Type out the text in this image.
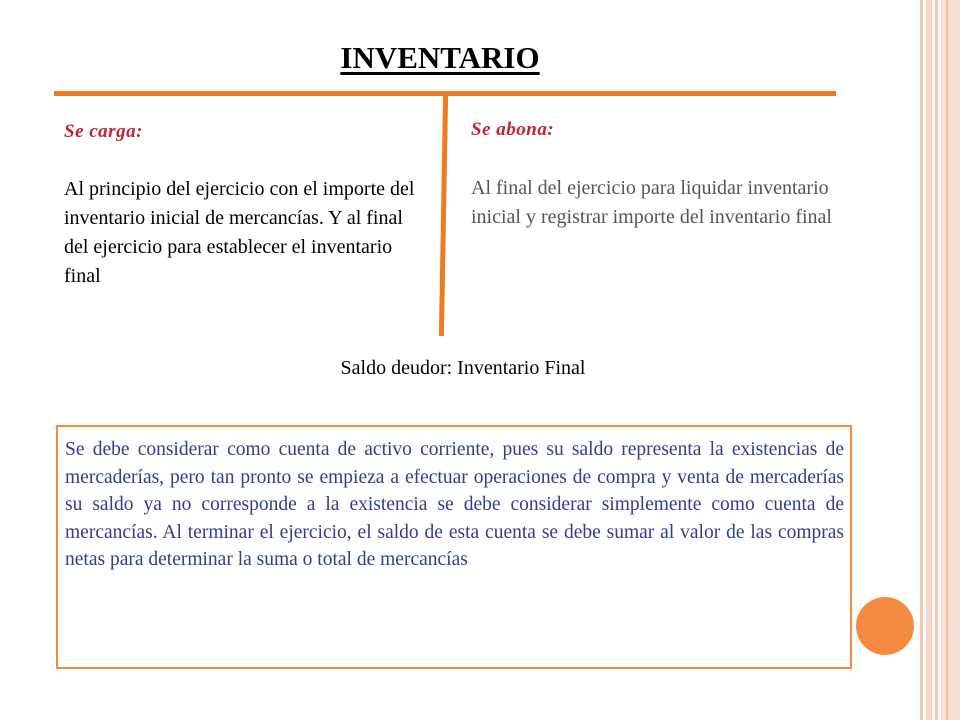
INVENTARIO
Se carga:
Al principio del ejercicio con el importe del inventario inicial de mercancías. Y al final del ejercicio para establecer el inventario final
Se abona:
Al final del ejercicio para liquidar inventario inicial y registrar importe del inventario final
Saldo deudor: Inventario Final

Se debe considerar como cuenta de activo corriente, pues su saldo representa la existencias de mercaderías, pero tan pronto se empieza a efectuar operaciones de compra y venta de mercaderías su saldo ya no corresponde a la existencia se debe considerar simplemente como cuenta de mercancías. Al terminar el ejercicio, el saldo de esta cuenta se debe sumar al valor de las compras netas para determinar la suma o total de mercancías
